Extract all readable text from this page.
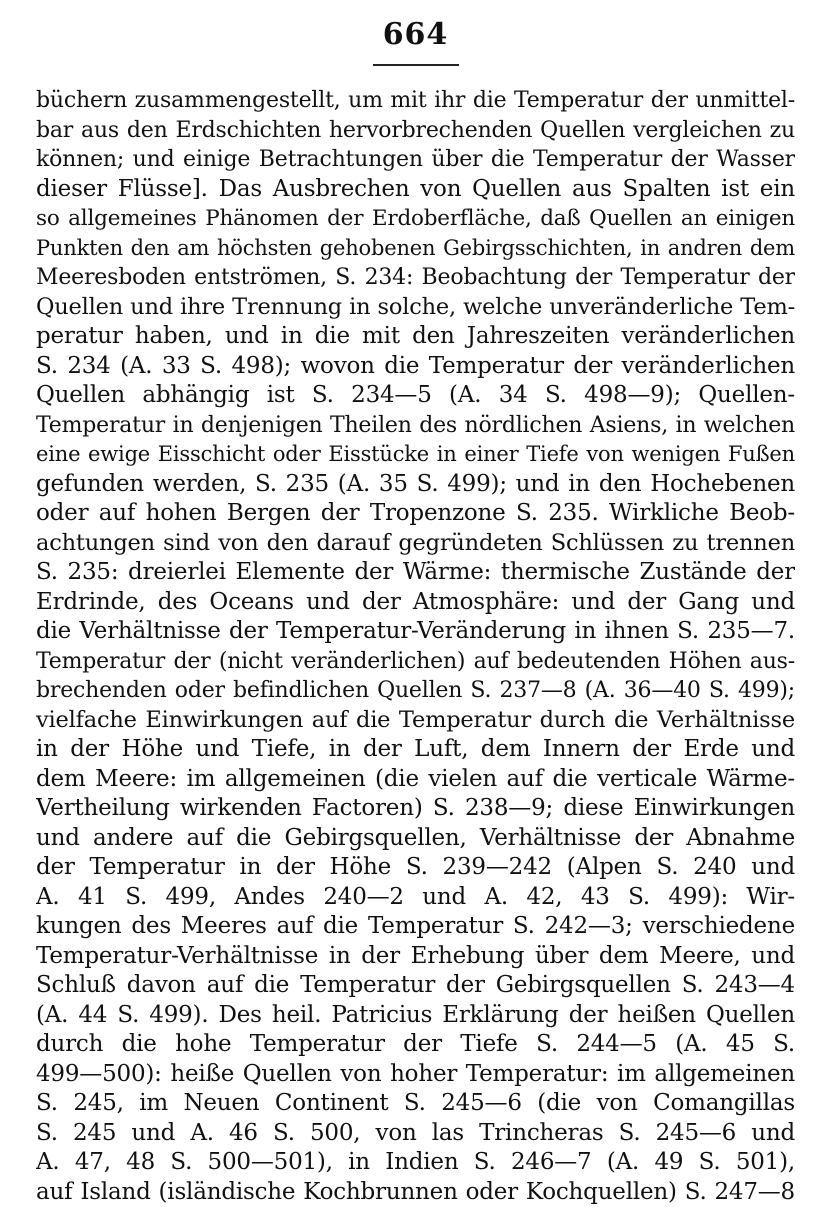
664
büchern zusammengestellt, um mit ihr die Temperatur der unmittel-
bar aus den Erdschichten hervorbrechenden Quellen vergleichen zu
können; und einige Betrachtungen über die Temperatur der Wasser
dieser Flüsse]. Das Ausbrechen von Quellen aus Spalten ist ein
so allgemeines Phänomen der Erdoberfläche, daß Quellen an einigen
Punkten den am höchsten gehobenen Gebirgsschichten, in andren dem
Meeresboden entströmen, S. 234: Beobachtung der Temperatur der
Quellen und ihre Trennung in solche, welche unveränderliche Tem-
peratur haben, und in die mit den Jahreszeiten veränderlichen
S. 234 (A. 33 S. 498); wovon die Temperatur der veränderlichen
Quellen abhängig ist S. 234—5 (A. 34 S. 498—9); Quellen-
Temperatur in denjenigen Theilen des nördlichen Asiens, in welchen
eine ewige Eisschicht oder Eisstücke in einer Tiefe von wenigen Fußen
gefunden werden, S. 235 (A. 35 S. 499); und in den Hochebenen
oder auf hohen Bergen der Tropenzone S. 235. Wirkliche Beob-
achtungen sind von den darauf gegründeten Schlüssen zu trennen
S. 235: dreierlei Elemente der Wärme: thermische Zustände der
Erdrinde, des Oceans und der Atmosphäre: und der Gang und
die Verhältnisse der Temperatur-Veränderung in ihnen S. 235—7.
Temperatur der (nicht veränderlichen) auf bedeutenden Höhen aus-
brechenden oder befindlichen Quellen S. 237—8 (A. 36—40 S. 499);
vielfache Einwirkungen auf die Temperatur durch die Verhältnisse
in der Höhe und Tiefe, in der Luft, dem Innern der Erde und
dem Meere: im allgemeinen (die vielen auf die verticale Wärme-
Vertheilung wirkenden Factoren) S. 238—9; diese Einwirkungen
und andere auf die Gebirgsquellen, Verhältnisse der Abnahme
der Temperatur in der Höhe S. 239—242 (Alpen S. 240 und
A. 41 S. 499, Andes 240—2 und A. 42, 43 S. 499): Wir-
kungen des Meeres auf die Temperatur S. 242—3; verschiedene
Temperatur-Verhältnisse in der Erhebung über dem Meere, und
Schluß davon auf die Temperatur der Gebirgsquellen S. 243—4
(A. 44 S. 499). Des heil. Patricius Erklärung der heißen Quellen
durch die hohe Temperatur der Tiefe S. 244—5 (A. 45 S.
499—500): heiße Quellen von hoher Temperatur: im allgemeinen
S. 245, im Neuen Continent S. 245—6 (die von Comangillas
S. 245 und A. 46 S. 500, von las Trincheras S. 245—6 und
A. 47, 48 S. 500—501), in Indien S. 246—7 (A. 49 S. 501),
auf Island (isländische Kochbrunnen oder Kochquellen) S. 247—8
